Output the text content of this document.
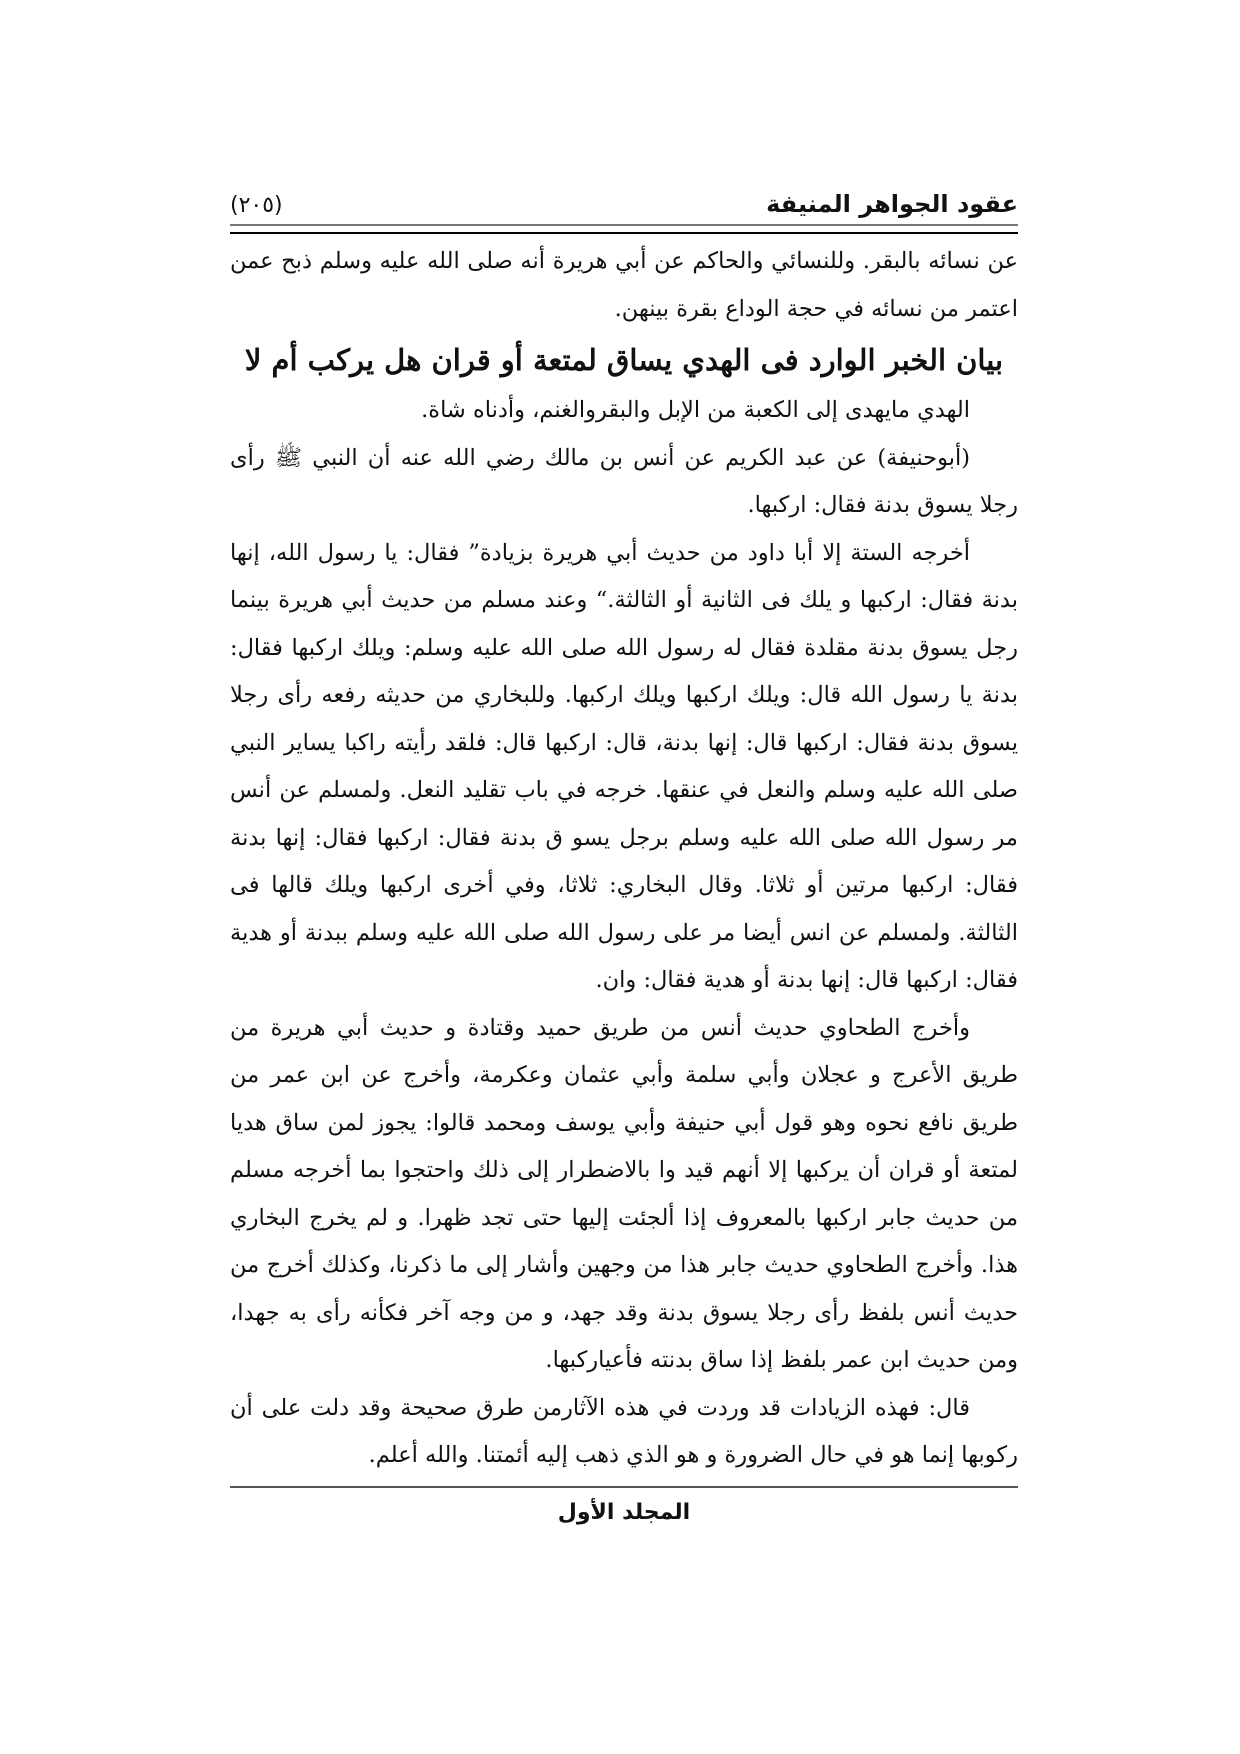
عقود الجواهر المنيفة
(٢٠٥)

عن نسائه بالبقر. وللنسائي والحاكم عن أبي هريرة أنه صلى الله عليه وسلم ذبح عمن اعتمر من نسائه في حجة الوداع بقرة بينهن.

بيان الخبر الوارد فى الهدي يساق لمتعة أو قران هل يركب أم لا

الهدي مايهدى إلى الكعبة من الإبل والبقروالغنم، وأدناه شاة.

(أبوحنيفة) عن عبد الكريم عن أنس بن مالك رضي الله عنه أن النبي ﷺ رأى رجلا يسوق بدنة فقال: اركبها.

أخرجه الستة إلا أبا داود من حديث أبي هريرة بزيادة” فقال: يا رسول الله، إنها بدنة فقال: اركبها و يلك فى الثانية أو الثالثة.“ وعند مسلم من حديث أبي هريرة بينما رجل يسوق بدنة مقلدة فقال له رسول الله صلى الله عليه وسلم: ويلك اركبها فقال: بدنة يا رسول الله قال: ويلك اركبها ويلك اركبها. وللبخاري من حديثه رفعه رأى رجلا يسوق بدنة فقال: اركبها قال: إنها بدنة، قال: اركبها قال: فلقد رأيته راكبا يساير النبي صلى الله عليه وسلم والنعل في عنقها. خرجه في باب تقليد النعل. ولمسلم عن أنس مر رسول الله صلى الله عليه وسلم برجل يسو ق بدنة فقال: اركبها فقال: إنها بدنة فقال: اركبها مرتين أو ثلاثا. وقال البخاري: ثلاثا، وفي أخرى اركبها ويلك قالها فى الثالثة. ولمسلم عن انس أيضا مر على رسول الله صلى الله عليه وسلم ببدنة أو هدية فقال: اركبها قال: إنها بدنة أو هدية فقال: وان.

وأخرج الطحاوي حديث أنس من طريق حميد وقتادة و حديث أبي هريرة من طريق الأعرج و عجلان وأبي سلمة وأبي عثمان وعكرمة، وأخرج عن ابن عمر من طريق نافع نحوه وهو قول أبي حنيفة وأبي يوسف ومحمد قالوا: يجوز لمن ساق هديا لمتعة أو قران أن يركبها إلا أنهم قيد وا بالاضطرار إلى ذلك واحتجوا بما أخرجه مسلم من حديث جابر اركبها بالمعروف إذا ألجئت إليها حتى تجد ظهرا. و لم يخرج البخاري هذا. وأخرج الطحاوي حديث جابر هذا من وجهين وأشار إلى ما ذكرنا، وكذلك أخرج من حديث أنس بلفظ رأى رجلا يسوق بدنة وقد جهد، و من وجه آخر فكأنه رأى به جهدا، ومن حديث ابن عمر بلفظ إذا ساق بدنته فأعياركبها.

قال: فهذه الزيادات قد وردت في هذه الآثارمن طرق صحيحة وقد دلت على أن ركوبها إنما هو في حال الضرورة و هو الذي ذهب إليه أئمتنا. والله أعلم.

المجلد الأول
